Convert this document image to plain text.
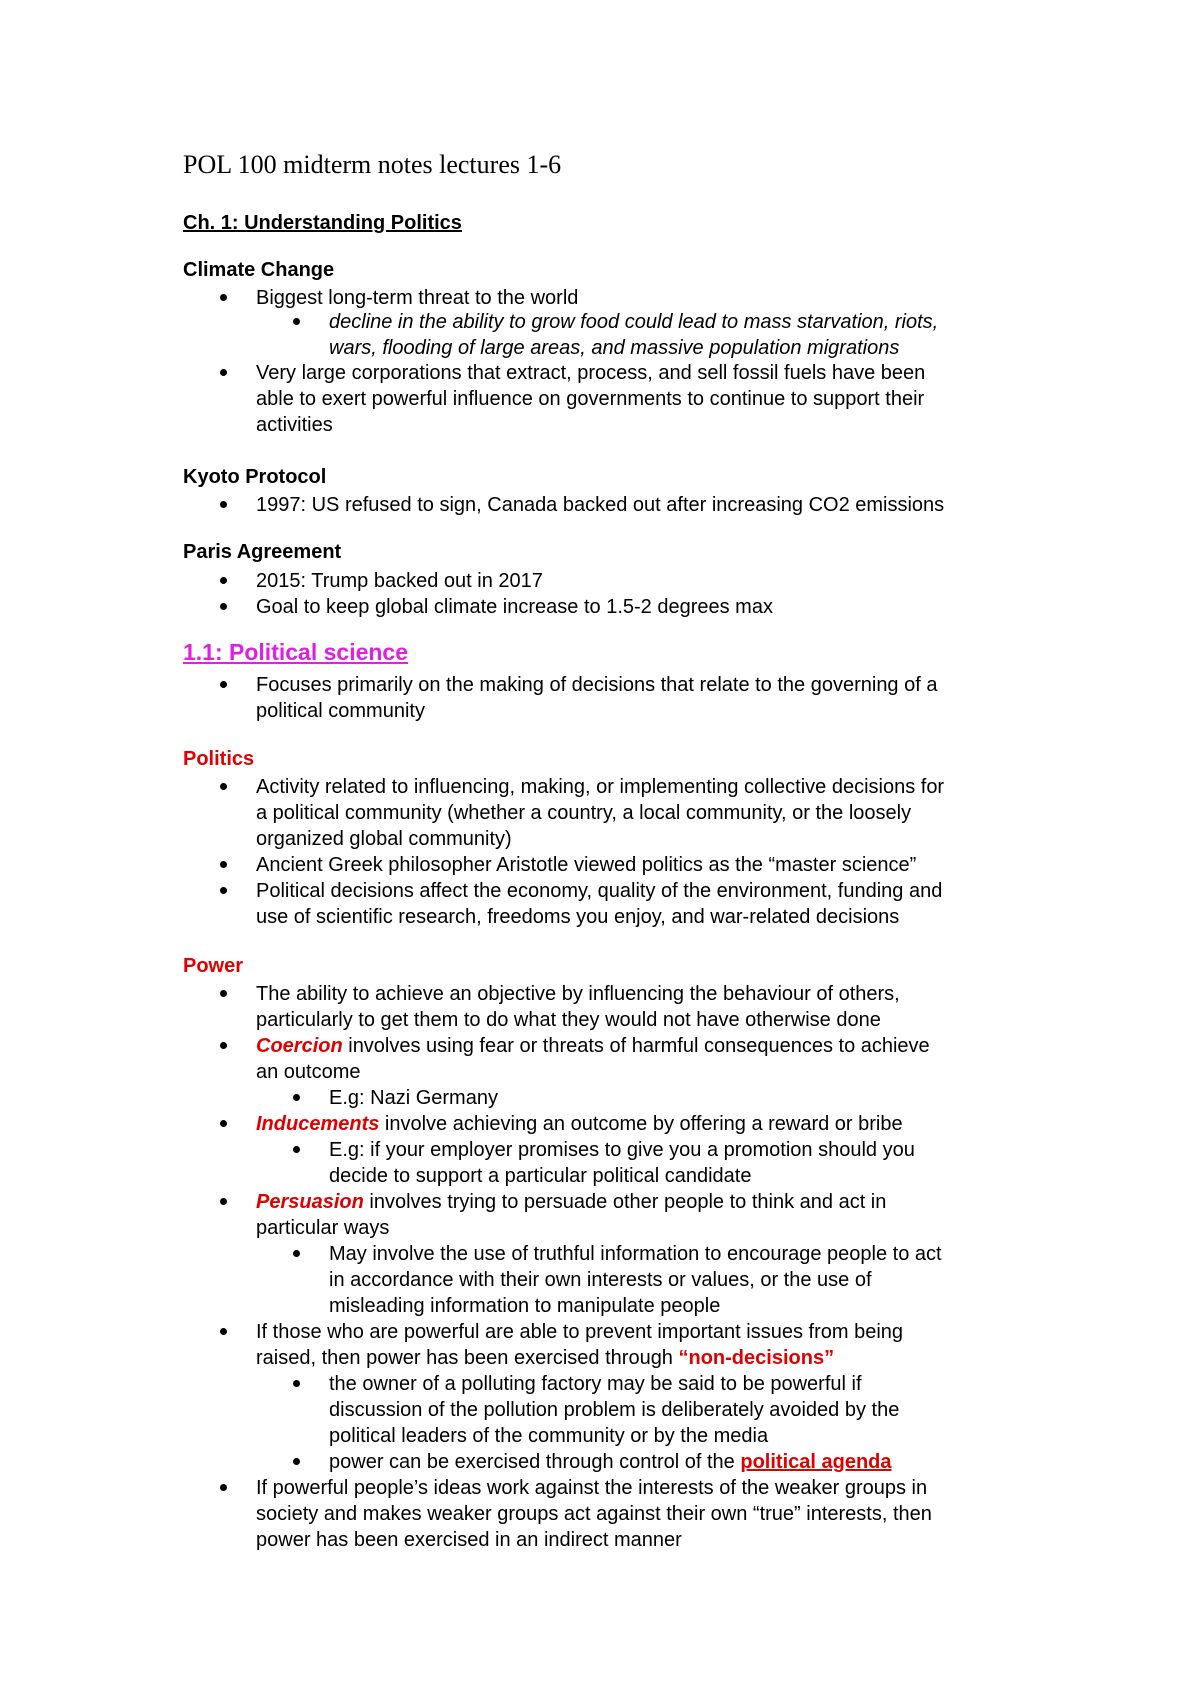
POL 100 midterm notes lectures 1-6
Ch. 1: Understanding Politics
Climate Change
Biggest long-term threat to the world
decline in the ability to grow food could lead to mass starvation, riots,
wars, flooding of large areas, and massive population migrations
Very large corporations that extract, process, and sell fossil fuels have been
able to exert powerful influence on governments to continue to support their
activities
Kyoto Protocol
1997: US refused to sign, Canada backed out after increasing CO2 emissions
Paris Agreement
2015: Trump backed out in 2017
Goal to keep global climate increase to 1.5-2 degrees max
1.1: Political science
Focuses primarily on the making of decisions that relate to the governing of a
political community
Politics
Activity related to influencing, making, or implementing collective decisions for
a political community (whether a country, a local community, or the loosely
organized global community)
Ancient Greek philosopher Aristotle viewed politics as the “master science”
Political decisions affect the economy, quality of the environment, funding and
use of scientific research, freedoms you enjoy, and war-related decisions
Power
The ability to achieve an objective by influencing the behaviour of others,
particularly to get them to do what they would not have otherwise done
Coercion involves using fear or threats of harmful consequences to achieve
an outcome
E.g: Nazi Germany
Inducements involve achieving an outcome by offering a reward or bribe
E.g: if your employer promises to give you a promotion should you
decide to support a particular political candidate
Persuasion involves trying to persuade other people to think and act in
particular ways
May involve the use of truthful information to encourage people to act
in accordance with their own interests or values, or the use of
misleading information to manipulate people
If those who are powerful are able to prevent important issues from being
raised, then power has been exercised through “non-decisions”
the owner of a polluting factory may be said to be powerful if
discussion of the pollution problem is deliberately avoided by the
political leaders of the community or by the media
power can be exercised through control of the political agenda
If powerful people’s ideas work against the interests of the weaker groups in
society and makes weaker groups act against their own “true” interests, then
power has been exercised in an indirect manner
